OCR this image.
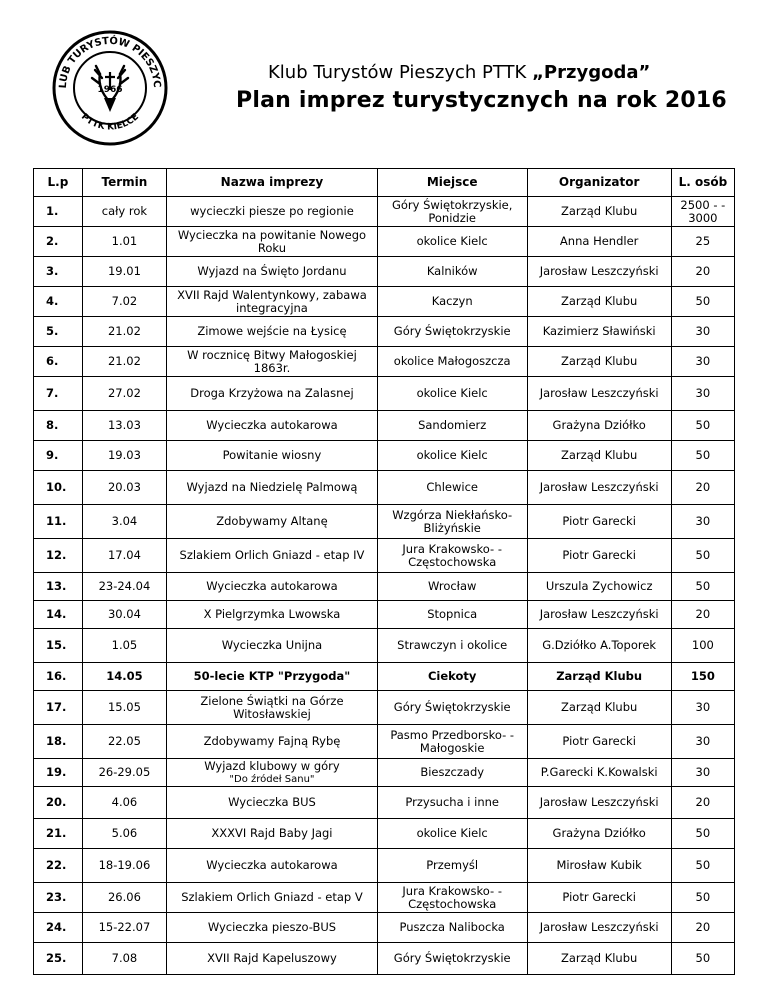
LUB TURYSTÓW PIESZYC
PTTK KIELCE
1966
Klub Turystów Pieszych PTTK „Przygoda”
Plan imprez turystycznych na rok 2016
L.p	Termin	Nazwa imprezy	Miejsce	Organizator	L. osób
1.	cały rok	wycieczki piesze po regionie	Góry Świętokrzyskie, Ponidzie	Zarząd Klubu	2500 - - 3000
2.	1.01	Wycieczka na powitanie Nowego Roku	okolice Kielc	Anna Hendler	25
3.	19.01	Wyjazd na Święto Jordanu	Kalników	Jarosław Leszczyński	20
4.	7.02	XVII Rajd Walentynkowy, zabawa integracyjna	Kaczyn	Zarząd Klubu	50
5.	21.02	Zimowe wejście na Łysicę	Góry Świętokrzyskie	Kazimierz Sławiński	30
6.	21.02	W rocznicę Bitwy Małogoskiej 1863r.	okolice Małogoszcza	Zarząd Klubu	30
7.	27.02	Droga Krzyżowa na Zalasnej	okolice Kielc	Jarosław Leszczyński	30
8.	13.03	Wycieczka autokarowa	Sandomierz	Grażyna Dziółko	50
9.	19.03	Powitanie wiosny	okolice Kielc	Zarząd Klubu	50
10.	20.03	Wyjazd na Niedzielę Palmową	Chlewice	Jarosław Leszczyński	20
11.	3.04	Zdobywamy Altanę	Wzgórza Niekłańsko-Bliżyńskie	Piotr Garecki	30
12.	17.04	Szlakiem Orlich Gniazd - etap IV	Jura Krakowsko- -Częstochowska	Piotr Garecki	50
13.	23-24.04	Wycieczka autokarowa	Wrocław	Urszula Zychowicz	50
14.	30.04	X Pielgrzymka Lwowska	Stopnica	Jarosław Leszczyński	20
15.	1.05	Wycieczka Unijna	Strawczyn i okolice	G.Dziółko A.Toporek	100
16.	14.05	50-lecie KTP "Przygoda"	Ciekoty	Zarząd Klubu	150
17.	15.05	Zielone Świątki na Górze Witosławskiej	Góry Świętokrzyskie	Zarząd Klubu	30
18.	22.05	Zdobywamy Fajną Rybę	Pasmo Przedborsko- -Małogoskie	Piotr Garecki	30
19.	26-29.05	Wyjazd klubowy w góry
"Do źródeł Sanu"	Bieszczady	P.Garecki K.Kowalski	30
20.	4.06	Wycieczka BUS	Przysucha i inne	Jarosław Leszczyński	20
21.	5.06	XXXVI Rajd Baby Jagi	okolice Kielc	Grażyna Dziółko	50
22.	18-19.06	Wycieczka autokarowa	Przemyśl	Mirosław Kubik	50
23.	26.06	Szlakiem Orlich Gniazd - etap V	Jura Krakowsko- -Częstochowska	Piotr Garecki	50
24.	15-22.07	Wycieczka pieszo-BUS	Puszcza Nalibocka	Jarosław Leszczyński	20
25.	7.08	XVII Rajd Kapeluszowy	Góry Świętokrzyskie	Zarząd Klubu	50
